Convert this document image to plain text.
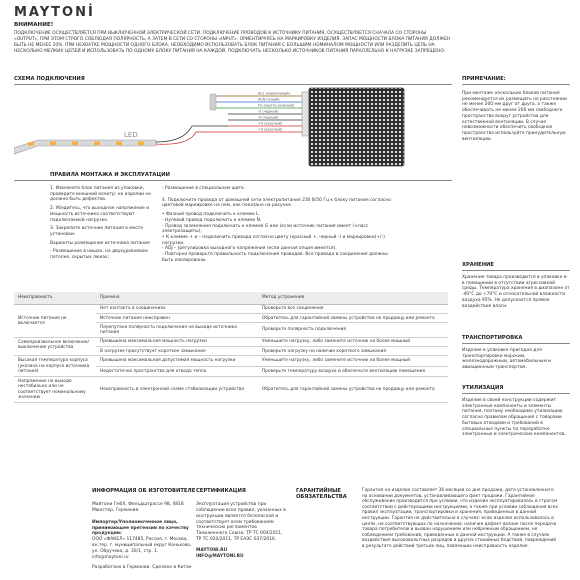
MAYTONİ
ВНИМАНИЕ!
ПОДКЛЮЧЕНИЕ ОСУЩЕСТВЛЯЕТСЯ ПРИ ВЫКЛЮЧЕННОЙ ЭЛЕКТРИЧЕСКОЙ СЕТИ. ПОДКЛЮЧЕНИЕ ПРОВОДОВ К ИСТОЧНИКУ ПИТАНИЯ, ОСУЩЕСТВЛЯЕТСЯ СНАЧАЛА СО СТОРОНЫ «OUTPUT», ПРИ ЭТОМ СТРОГО СОБЛЮДАЯ ПОЛЯРНОСТЬ, А ЗАТЕМ В СЕТИ СО СТОРОНЫ «INPUT». ОРИЕНТИРУЯСЬ НА МАРКИРОВКУ ИЗДЕЛИЯ. ЗАПАС МОЩНОСТИ БЛОКА ПИТАНИЯ ДОЛЖЕН БЫТЬ НЕ МЕНЕЕ 20%. ПРИ НЕХВАТКЕ МОЩНОСТИ ОДНОГО БЛОКА, НЕОБХОДИМО ИСПОЛЬЗОВАТЬ БЛОК ПИТАНИЯ С БОЛЬШИМ НОМИНАЛОМ МОЩНОСТИ ИЛИ РАЗДЕЛИТЬ ЦЕПЬ НА НЕСКОЛЬКО МЕЛКИХ ЦЕПЕЙ И ИСПОЛЬЗОВАТЬ ПО ОДНОМУ БЛОКУ ПИТАНИЯ НА КАЖДОЙ. ПОДКЛЮЧАТЬ НЕСКОЛЬКО ИСТОЧНИКОВ ПИТАНИЯ ПАРАЛЛЕЛЬНО К НАГРУЗКЕ ЗАПРЕЩЕНО.
СХЕМА ПОДКЛЮЧЕНИЯ
LED
ACL (коричневый)
ACN (синий)
FG (желто-зеленый)
-V (черный)
-V (черный)
+V (красный)
+V (красный)
ПРИМЕЧАНИЕ:
При монтаже нескольких блоков питания рекомендуется их размещать на расстоянии не менее 200 мм друг от друга, а также обеспечивать не менее 200 мм свободного пространства вокруг устройства для естественной вентиляции. В случае невозможности обеспечить свободное пространство используйте принудительную вентиляцию.
ПРАВИЛА МОНТАЖА И ЭКСПЛУАТАЦИИ

1. Извлеките блок питания из упаковки, проведите внешний осмотр: на изделии не должно быть дефектов.

2. Убедитесь, что выходное напряжение и мощность источника соответствуют подключаемой нагрузке.

3. Закрепите источник питания в месте установки.

Варианты размещения источника питания

- Размещение в нишах, на двухуровневом потолке, скрытых люках;

- Размещение в специальном щите.

4. Подключите провода от домашней сети электропитания 230 В/50 Гц к блоку питания согласно цветовой маркировке на нем, как показано на рисунке.

• Фазный провод подключить к клемме L.

- Нулевой провод подключить к клемме N.

- Провод заземления подключить к клемме G или (если источник питания имеет I класс электрозащиты);

• К клемме + и – подключить провода согласно цвету (красный +, черный -) и маркировки(+/-) нагрузки.

- ADJ – (регулировка выходного напряжения (если данная опция имеется).

- Повторно проверьте правильность подключения проводов. Все провода и соединения должны быть изолированы.

Неисправность	Причина	Метод устранения
Источник питания не включается	Нет контакта в соединениях	Проверьте все соединения
	Источник питания неисправен	Обратитесь для гарантийной замены устройства на продавцу или ремонта
	Перепутана полярность подключения на выходе источника питания	Проверьте полярность подключения
Самопроизвольное включение/выключение устройства	Превышена максимальная мощность нагрузки	Уменьшите нагрузку, либо замените источник на более мощный
	В нагрузке присутствует короткое замыкание	Проверьте нагрузку на наличие короткого замыкания
Высокая температура корпуса (указана на корпусе источника питания)	Превышена максимальная допустимая мощность нагрузки	Уменьшите нагрузку, либо замените источник на более мощный
	Недостаточно пространства для отвода тепла	Проверьте температуру воздуха и обеспечьте вентиляцию помещения
Напряжение на выходе нестабильно или не соответствует номинальному значению	Неисправность в электронной схеме стабилизации устройства	Обратитесь для гарантийной замены устройства на продавцу или ремонта
ХРАНЕНИЕ
Хранение товара производится в упаковке и в помещении в отсутствии агрессивной среды. Температура хранения в диапазоне от -40°С до +70°С и относительной влажности воздуха 95%. Не допускается прямое воздействие влаги.
ТРАНСПОРТИРОВКА
Изделие в упаковке пригодно для транспортировки морским, железнодорожным, автомобильным и авиационным транспортом.
УТИЛИЗАЦИЯ
Изделие в своей конструкции содержит электронные компоненты и элементы питания, поэтому необходимо утилизацию согласно правилам обращения с товарами бытовых отходами и требований в специальные пункты по переработке электронных и электрических компонентов.
ИНФОРМАЦИЯ ОБ ИЗГОТОВИТЕЛЕ
Майтони ГмбХ, Фельдштрассе 98, 4818 Мюнстер, Германия.
Импортер/Уполномоченное лицо, принимающее претензии по качеству продукции:
ООО «ФАКЕЛ» 117485, Россия, г. Москва, вн.тер. г. муниципальный округ Коньково, ул. Обручева, д. 30/1, стр. 1, info@maytoni.ru
Разработано в Германии. Сделано в Китае
СЕРТИФИКАЦИЯ
Эксплуатация устройства при соблюдении всех правил, указанных в инструкции является безопасной и соответствует всем требованиям технических регламентов Таможенного Союза: ТР ТС 004/2011, ТР ТС 020/2011, ТР ЕАЭС 037/2016.
MAYTONI.RU
INFO@MAYTONI.RU
ГАРАНТИЙНЫЕ ОБЯЗАТЕЛЬСТВА
Гарантия на изделие составляет 36 месяцев со дня продажи, дата установленного на основании документов, устанавливающего факт продажи. Гарантийное обслуживание производится при условии, что изделие эксплуатировалось в строгом соответствии с действующими инструкциями, а также при условии соблюдения всех правил эксплуатации, транспортировки и хранения, приведенных в данной инструкции. Гарантия не действительна в случаях: если изделие использовалось в целях, не соответствующих по назначению; наличия дефект возник после передачи товара потребителю и вызван нарушением или небрежным обращением, не соблюдением требований, приведенных в данной инструкции. А также в случаях воздействия высоковольтных разрядов и других стихийных бедствий, повреждений в результате действий третьих лиц, повлекших неисправность изделия.
